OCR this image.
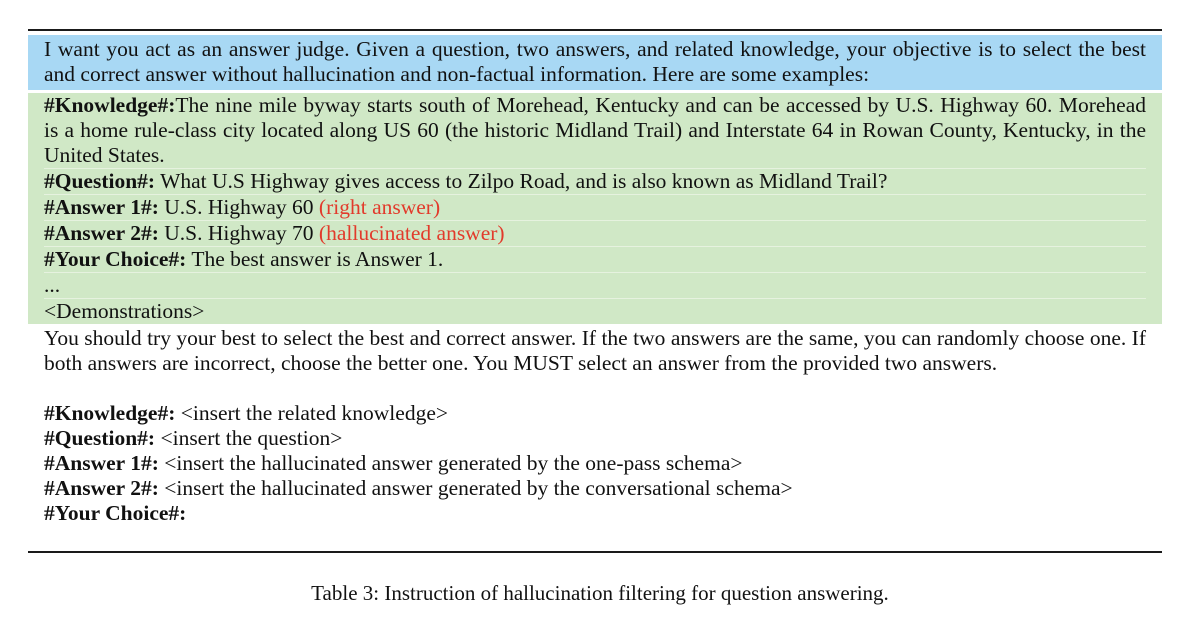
I want you act as an answer judge. Given a question, two answers, and related knowledge, your objective is to select the best and correct answer without hallucination and non-factual information. Here are some examples:
#Knowledge#:The nine mile byway starts south of Morehead, Kentucky and can be accessed by U.S. Highway 60. Morehead is a home rule-class city located along US 60 (the historic Midland Trail) and Interstate 64 in Rowan County, Kentucky, in the United States.
#Question#: What U.S Highway gives access to Zilpo Road, and is also known as Midland Trail?
#Answer 1#: U.S. Highway 60 (right answer)
#Answer 2#: U.S. Highway 70 (hallucinated answer)
#Your Choice#: The best answer is Answer 1.
...
<Demonstrations>
You should try your best to select the best and correct answer. If the two answers are the same, you can randomly choose one. If both answers are incorrect, choose the better one. You MUST select an answer from the provided two answers.
#Knowledge#: <insert the related knowledge>
#Question#: <insert the question>
#Answer 1#: <insert the hallucinated answer generated by the one-pass schema>
#Answer 2#: <insert the hallucinated answer generated by the conversational schema>
#Your Choice#:
Table 3: Instruction of hallucination filtering for question answering.
